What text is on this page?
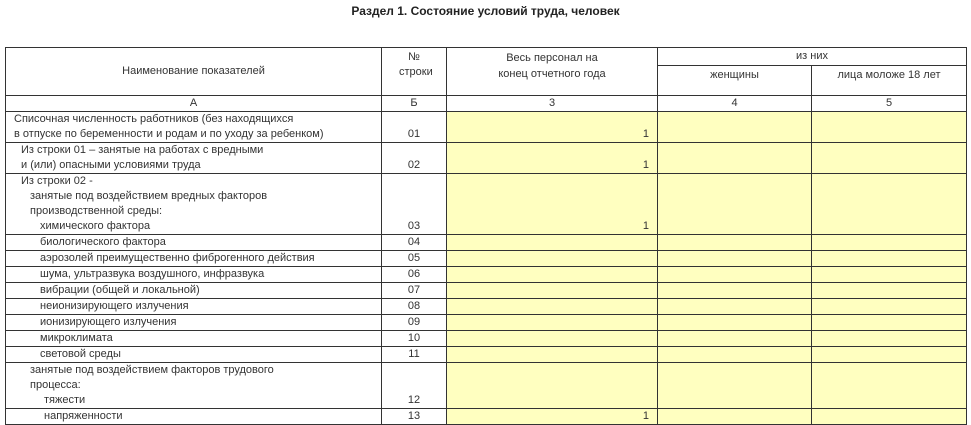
Раздел 1. Состояние условий труда, человек
Наименование показателей	№ строки	Весь персонал на конец отчетного года	из них	
			женщины	лица моложе 18 лет
А	Б	3	4	5

Списочная численность работников (без находящихся
в отпуске по беременности и родам и по уходу за ребенком)	01	1		

Из строки 01 – занятые на работах с вредными
и (или) опасными условиями труда	02	1		

Из строки 02 -
занятые под воздействием вредных факторов
производственной среды:
химического фактора	03	1		

биологического фактора	04			

аэрозолей преимущественно фиброгенного действия	05			

шума, ультразвука воздушного, инфразвука	06			

вибрации (общей и локальной)	07			

неионизирующего излучения	08			

ионизирующего излучения	09			

микроклимата	10			

световой среды	11			

занятые под воздействием факторов трудового
процесса:
тяжести	12			

напряженности	13	1		
